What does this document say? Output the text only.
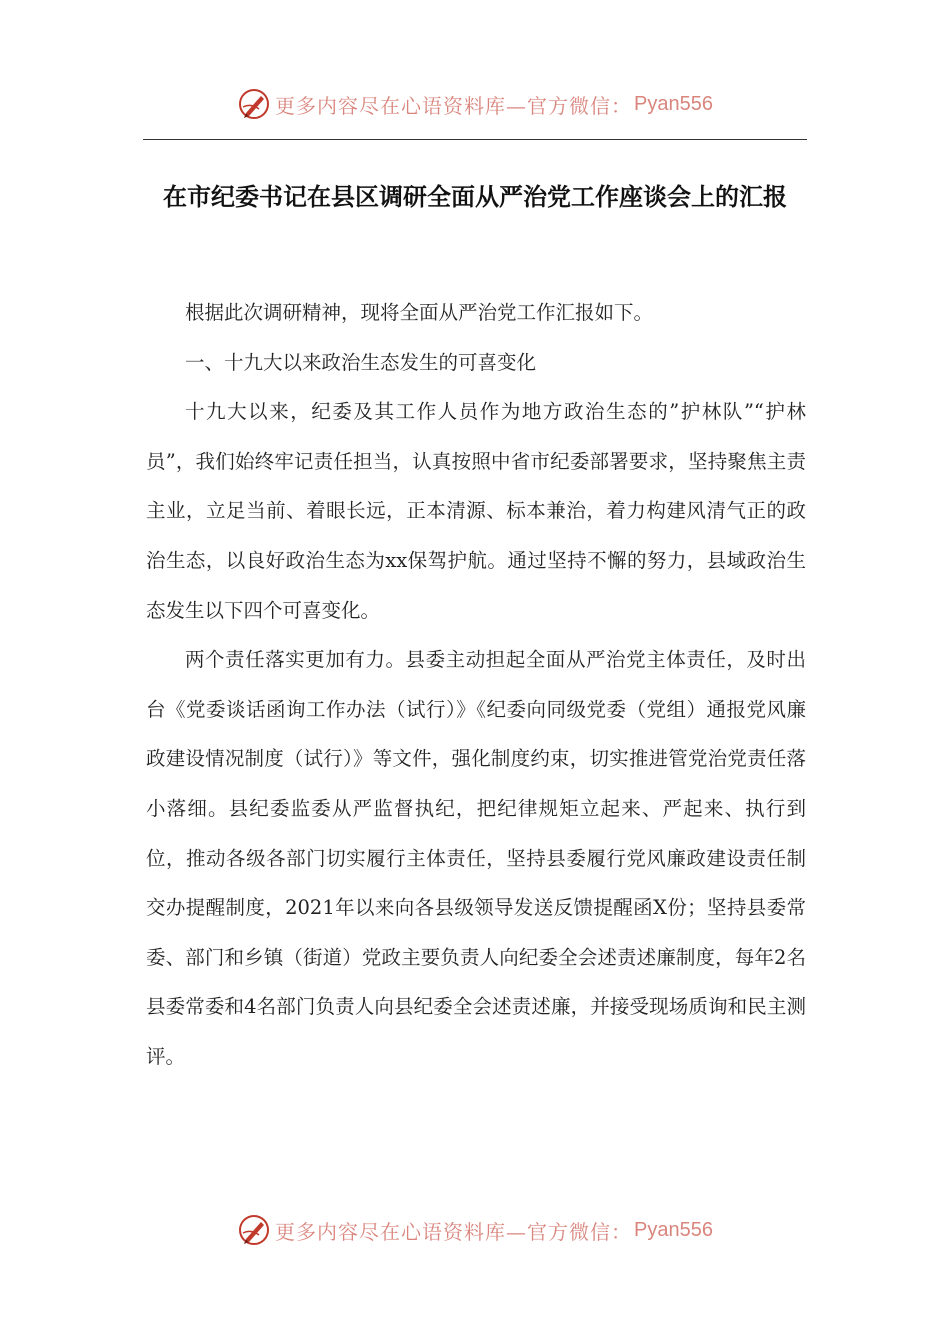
更多内容尽在心语资料库—官方微信： Pyan556
在市纪委书记在县区调研全面从严治党工作座谈会上的汇报

根据此次调研精神，现将全面从严治党工作汇报如下。

一、十九大以来政治生态发生的可喜变化

十九大以来，纪委及其工作人员作为地方政治生态的”护林队”“护林员”，我们始终牢记责任担当，认真按照中省市纪委部署要求，坚持聚焦主责主业，立足当前、着眼长远，正本清源、标本兼治，着力构建风清气正的政治生态，以良好政治生态为xx保驾护航。通过坚持不懈的努力，县域政治生态发生以下四个可喜变化。

两个责任落实更加有力。县委主动担起全面从严治党主体责任，及时出台《党委谈话函询工作办法（试行）》《纪委向同级党委（党组）通报党风廉政建设情况制度（试行）》等文件，强化制度约束，切实推进管党治党责任落小落细。县纪委监委从严监督执纪，把纪律规矩立起来、严起来、执行到位，推动各级各部门切实履行主体责任，坚持县委履行党风廉政建设责任制交办提醒制度，2021年以来向各县级领导发送反馈提醒函X份；坚持县委常委、部门和乡镇（街道）党政主要负责人向纪委全会述责述廉制度，每年2名县委常委和4名部门负责人向县纪委全会述责述廉，并接受现场质询和民主测评。

更多内容尽在心语资料库—官方微信： Pyan556
